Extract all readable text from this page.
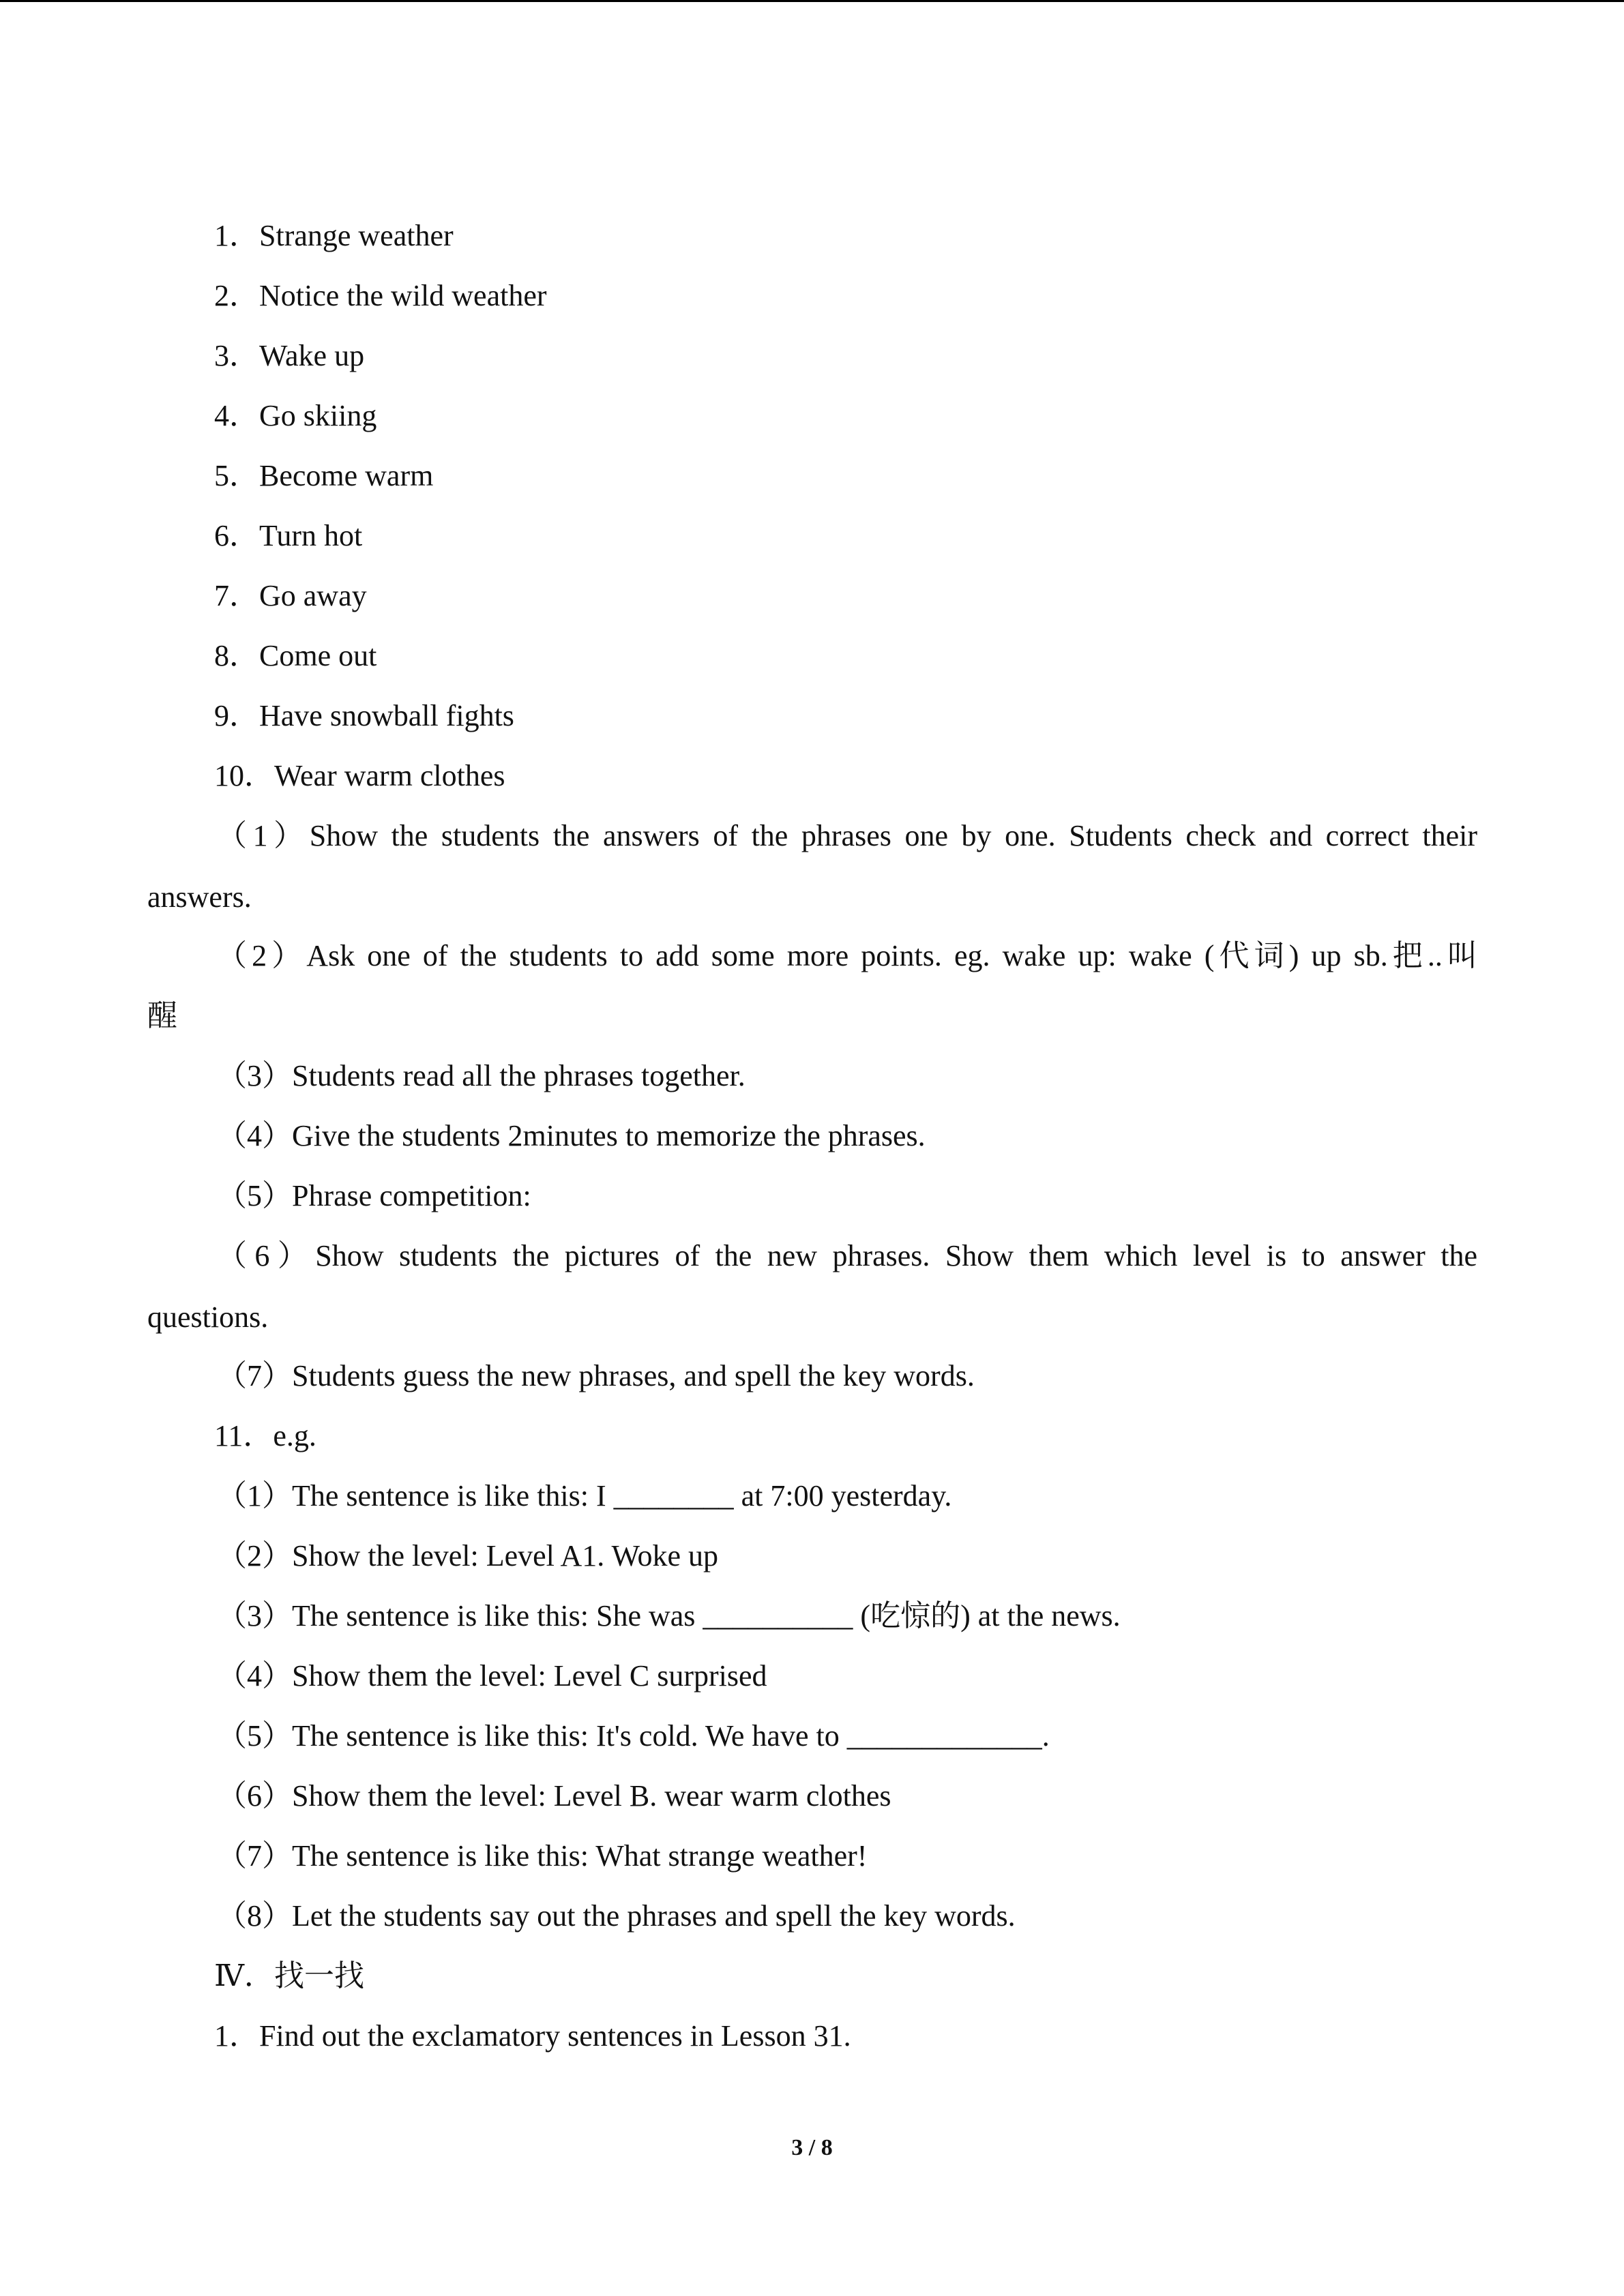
1．Strange weather
2．Notice the wild weather
3．Wake up
4．Go skiing
5．Become warm
6．Turn hot
7．Go away
8．Come out
9．Have snowball fights
10．Wear warm clothes
（1）Show the students the answers of the phrases one by one. Students check and correct their
answers.
（2）Ask one of the students to add some more points. eg. wake up: wake (代词) up sb.把..叫
醒
（3）Students read all the phrases together.
（4）Give the students 2minutes to memorize the phrases.
（5）Phrase competition:
（6）Show students the pictures of the new phrases. Show them which level is to answer the
questions.
（7）Students guess the new phrases, and spell the key words.
11．e.g.
（1）The sentence is like this: I ________ at 7:00 yesterday.
（2）Show the level: Level A1. Woke up
（3）The sentence is like this: She was __________ (吃惊的) at the news.
（4）Show them the level: Level C surprised
（5）The sentence is like this: It's cold. We have to _____________.
（6）Show them the level: Level B. wear warm clothes
（7）The sentence is like this: What strange weather!
（8）Let the students say out the phrases and spell the key words.
Ⅳ．找一找
1．Find out the exclamatory sentences in Lesson 31.
3 / 8
